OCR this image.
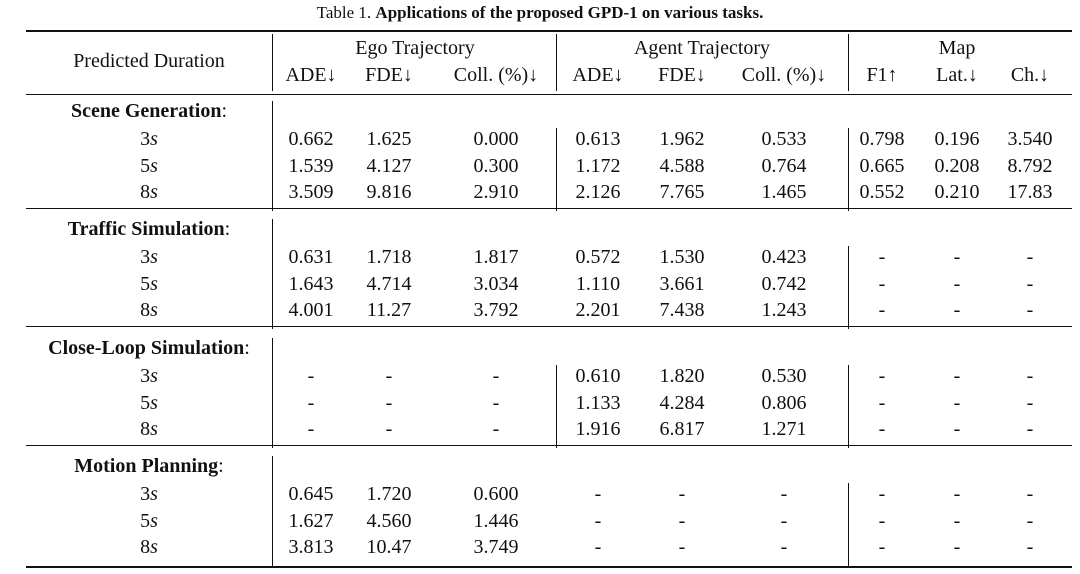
Table 1. Applications of the proposed GPD-1 on various tasks.
Predicted Duration
Ego Trajectory
ADE↓ FDE↓ Coll. (%)↓
Agent Trajectory
ADE↓ FDE↓ Coll. (%)↓
Map
F1↑ Lat.↓ Ch.↓
Scene Generation:
3s	0.662 1.625	0.000	0.613 1.962	0.533	0.798 0.196 3.540
5s	1.539 4.127	0.300	1.172 4.588	0.764	0.665 0.208 8.792
8s	3.509 9.816	2.910	2.126 7.765	1.465	0.552 0.210 17.83
Traffic Simulation:
3s	0.631 1.718	1.817	0.572 1.530	0.423	-	-	-
5s	1.643 4.714	3.034	1.110 3.661	0.742	-	-	-
8s	4.001 11.27	3.792	2.201 7.438	1.243	-	-	-
Close-Loop Simulation:
3s	-	-	-	0.610 1.820	0.530	-	-	-
5s	-	-	-	1.133 4.284	0.806	-	-	-
8s	-	-	-	1.916 6.817	1.271	-	-	-
Motion Planning:
3s	0.645 1.720	0.600	-	-	-	-	-	-
5s	1.627 4.560	1.446	-	-	-	-	-	-
8s	3.813 10.47	3.749	-	-	-	-	-	-
